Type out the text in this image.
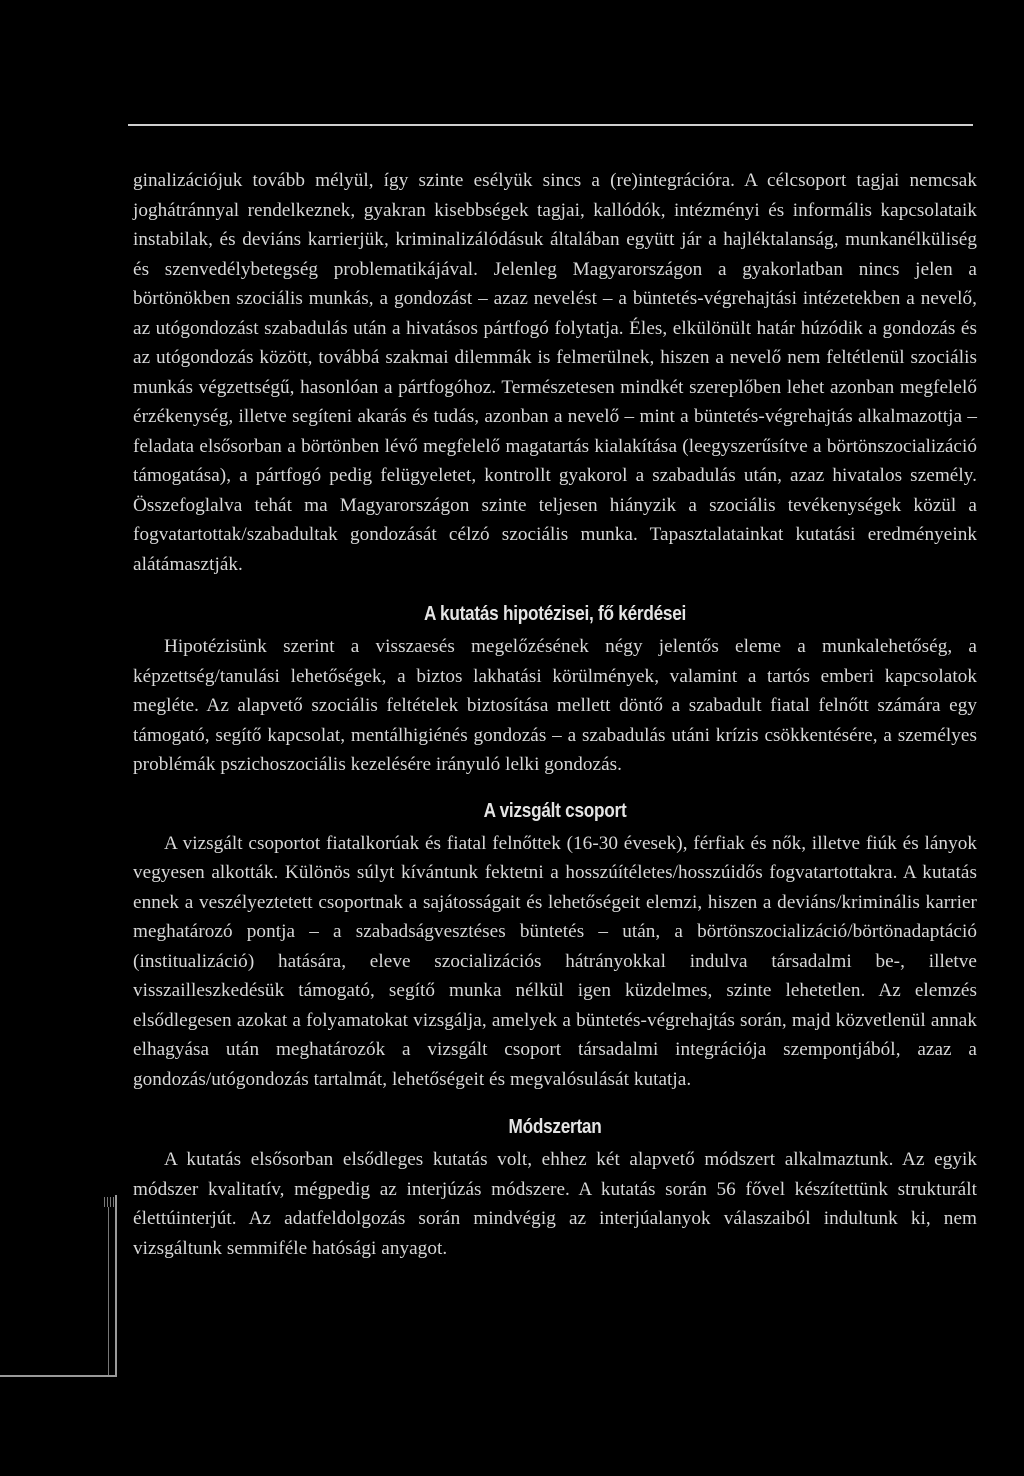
ginalizációjuk tovább mélyül, így szinte esélyük sincs a (re)integrációra. A célcsoport tagjai nemcsak joghátránnyal rendelkeznek, gyakran kisebbségek tagjai, kallódók, intézményi és informális kapcsolataik instabilak, és deviáns karrierjük, kriminalizálódásuk általában együtt jár a hajléktalanság, munkanélküliség és szenvedélybetegség problematikájával. Jelenleg Magyarországon a gyakorlatban nincs jelen a börtönökben szociális munkás, a gondozást – azaz nevelést – a büntetés-végrehajtási intézetekben a nevelő, az utógondozást szabadulás után a hivatásos pártfogó folytatja. Éles, elkülönült határ húzódik a gondozás és az utógondozás között, továbbá szakmai dilemmák is felmerülnek, hiszen a nevelő nem feltétlenül szociális munkás végzettségű, hasonlóan a pártfogóhoz. Természetesen mindkét szereplőben lehet azonban megfelelő érzékenység, illetve segíteni akarás és tudás, azonban a nevelő – mint a büntetés-végrehajtás alkalmazottja – feladata elsősorban a börtönben lévő megfelelő magatartás kialakítása (leegyszerűsítve a börtönszocializáció támogatása), a pártfogó pedig felügyeletet, kontrollt gyakorol a szabadulás után, azaz hivatalos személy. Összefoglalva tehát ma Magyarországon szinte teljesen hiányzik a szociális tevékenységek közül a fogvatartottak/szabadultak gondozását célzó szociális munka. Tapasztalatainkat kutatási eredményeink alátámasztják.

A kutatás hipotézisei, fő kérdései

Hipotézisünk szerint a visszaesés megelőzésének négy jelentős eleme a munkalehetőség, a képzettség/tanulási lehetőségek, a biztos lakhatási körülmények, valamint a tartós emberi kapcsolatok megléte. Az alapvető szociális feltételek biztosítása mellett döntő a szabadult fiatal felnőtt számára egy támogató, segítő kapcsolat, mentálhigiénés gondozás – a szabadulás utáni krízis csökkentésére, a személyes problémák pszichoszociális kezelésére irányuló lelki gondozás.

A vizsgált csoport

A vizsgált csoportot fiatalkorúak és fiatal felnőttek (16-30 évesek), férfiak és nők, illetve fiúk és lányok vegyesen alkották. Különös súlyt kívántunk fektetni a hosszúítéletes/hosszúidős fogvatartottakra. A kutatás ennek a veszélyeztetett csoportnak a sajátosságait és lehetőségeit elemzi, hiszen a deviáns/kriminális karrier meghatározó pontja – a szabadságvesztéses büntetés – után, a börtönszocializáció/börtönadaptáció (institualizáció) hatására, eleve szocializációs hátrányokkal indulva társadalmi be-, illetve visszailleszkedésük támogató, segítő munka nélkül igen küzdelmes, szinte lehetetlen. Az elemzés elsődlegesen azokat a folyamatokat vizsgálja, amelyek a büntetés-végrehajtás során, majd közvetlenül annak elhagyása után meghatározók a vizsgált csoport társadalmi integrációja szempontjából, azaz a gondozás/utógondozás tartalmát, lehetőségeit és megvalósulását kutatja.

Módszertan

A kutatás elsősorban elsődleges kutatás volt, ehhez két alapvető módszert alkalmaztunk. Az egyik módszer kvalitatív, mégpedig az interjúzás módszere. A kutatás során 56 fővel készítettünk strukturált élettúinterjút. Az adatfeldolgozás során mindvégig az interjúalanyok válaszaiból indultunk ki, nem vizsgáltunk semmiféle hatósági anyagot.
